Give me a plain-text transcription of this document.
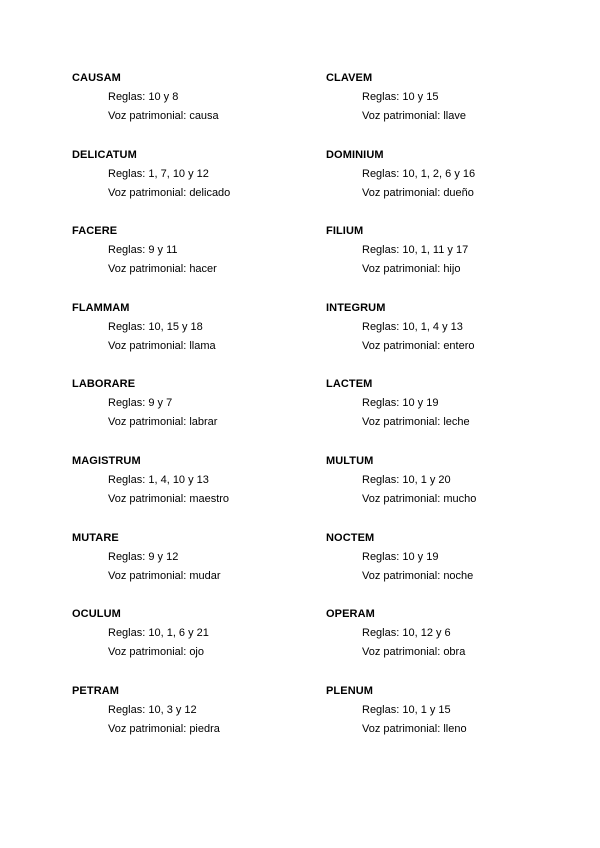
CAUSAM
Reglas: 10 y 8
Voz patrimonial: causa
DELICATUM
Reglas: 1, 7, 10 y 12
Voz patrimonial: delicado
FACERE
Reglas: 9 y 11
Voz patrimonial: hacer
FLAMMAM
Reglas: 10, 15 y 18
Voz patrimonial: llama
LABORARE
Reglas: 9 y 7
Voz patrimonial: labrar
MAGISTRUM
Reglas: 1, 4, 10 y 13
Voz patrimonial: maestro
MUTARE
Reglas: 9 y 12
Voz patrimonial: mudar
OCULUM
Reglas: 10, 1, 6 y 21
Voz patrimonial: ojo
PETRAM
Reglas: 10, 3 y 12
Voz patrimonial: piedra
CLAVEM
Reglas: 10 y 15
Voz patrimonial: llave
DOMINIUM
Reglas: 10, 1, 2, 6 y 16
Voz patrimonial: dueño
FILIUM
Reglas: 10, 1, 11 y 17
Voz patrimonial: hijo
INTEGRUM
Reglas: 10, 1, 4 y 13
Voz patrimonial: entero
LACTEM
Reglas: 10 y 19
Voz patrimonial: leche
MULTUM
Reglas: 10, 1 y 20
Voz patrimonial: mucho
NOCTEM
Reglas: 10 y 19
Voz patrimonial: noche
OPERAM
Reglas: 10, 12 y 6
Voz patrimonial: obra
PLENUM
Reglas: 10, 1 y 15
Voz patrimonial: lleno
